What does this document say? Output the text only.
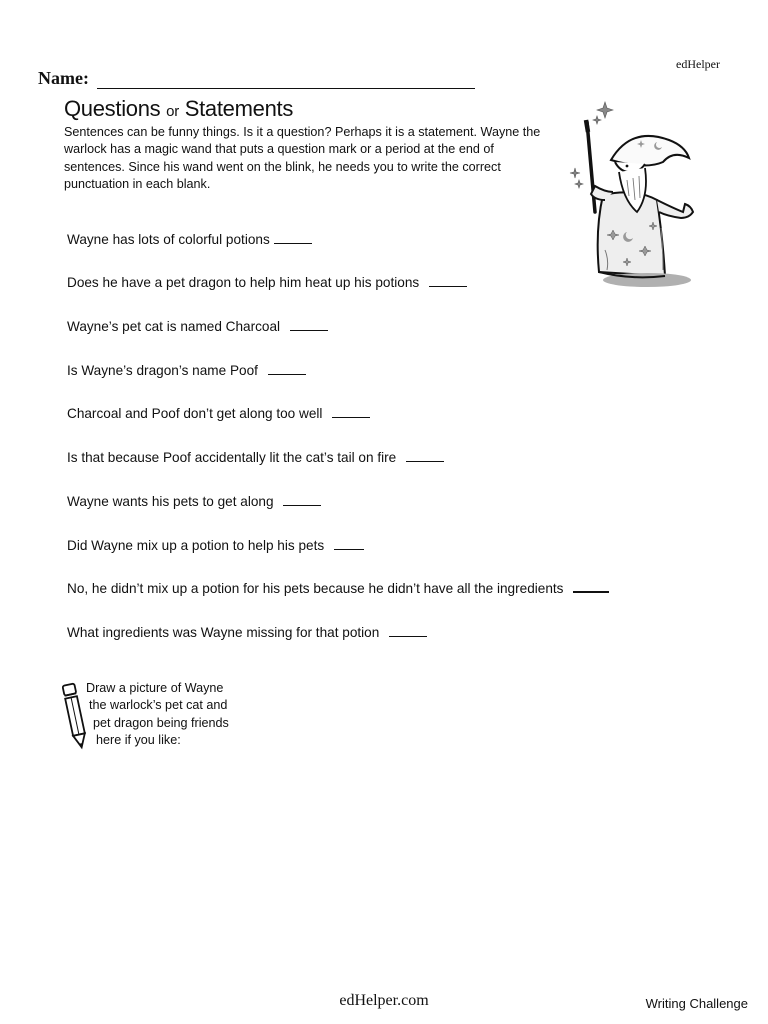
edHelper
Name:
Questions or Statements

Sentences can be funny things. Is it a question? Perhaps it is a statement. Wayne the warlock has a magic wand that puts a question mark or a period at the end of sentences. Since his wand went on the blink, he needs you to write the correct punctuation in each blank.

Wayne has lots of colorful potions
Does he have a pet dragon to help him heat up his potions
Wayne’s pet cat is named Charcoal
Is Wayne’s dragon’s name Poof
Charcoal and Poof don’t get along too well
Is that because Poof accidentally lit the cat’s tail on fire
Wayne wants his pets to get along
Did Wayne mix up a potion to help his pets
No, he didn’t mix up a potion for his pets because he didn’t have all the ingredients
What ingredients was Wayne missing for that potion
Draw a picture of Wayne
the warlock’s pet cat and
pet dragon being friends
here if you like:
edHelper.com	Writing Challenge
